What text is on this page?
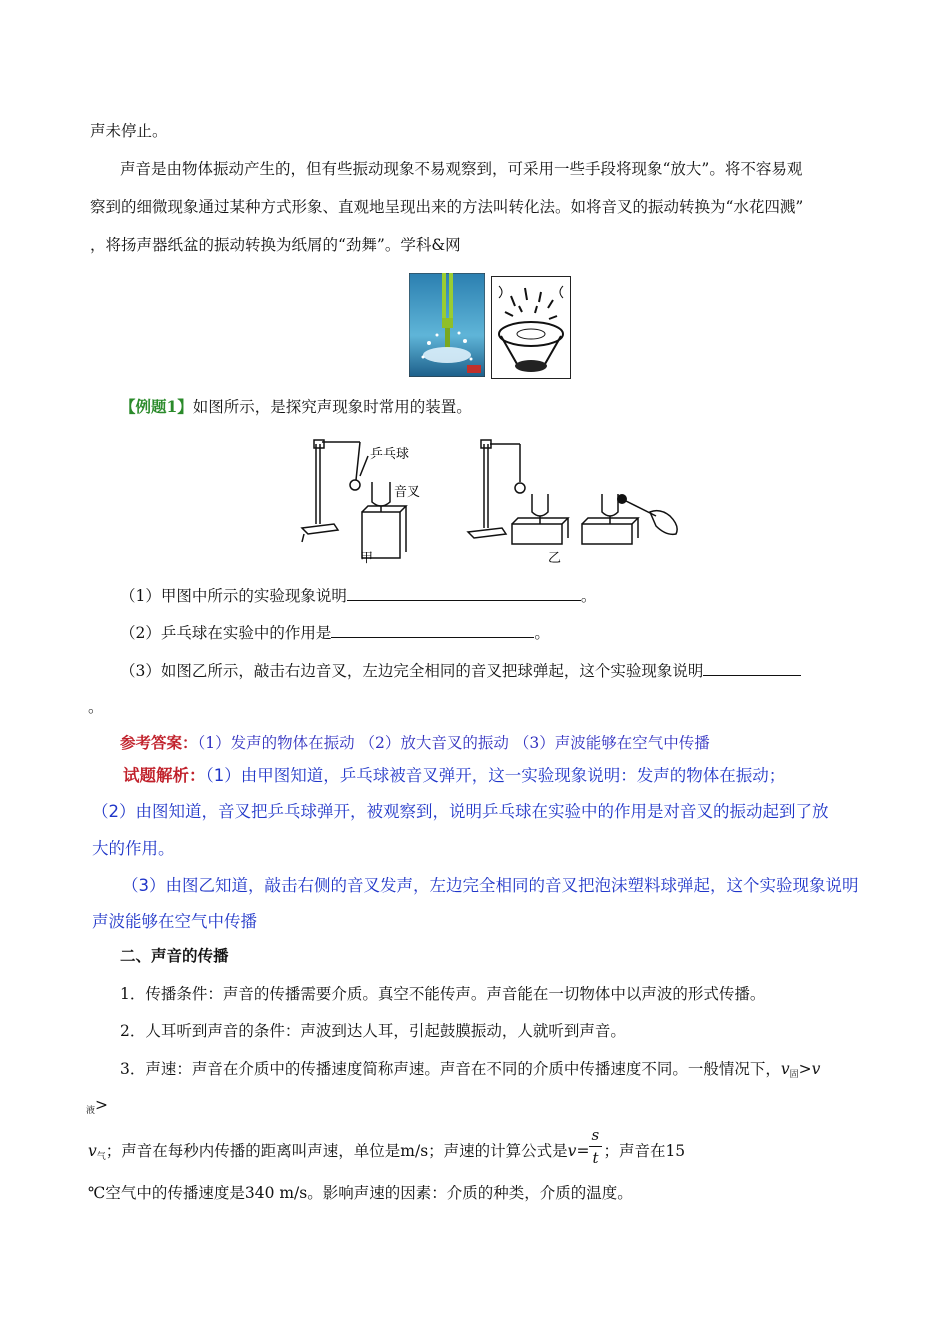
声未停止。
声音是由物体振动产生的，但有些振动现象不易观察到，可采用一些手段将现象“放大”。将不容易观
察到的细微现象通过某种方式形象、直观地呈现出来的方法叫转化法。如将音叉的振动转换为“水花四溅”
，将扬声器纸盆的振动转换为纸屑的“劲舞”。学科&网
【例题1】如图所示，是探究声现象时常用的装置。
乒乓球
音叉
甲	乙
（1）甲图中所示的实验现象说明	。
（2）乒乓球在实验中的作用是	。
（3）如图乙所示，敲击右边音叉，左边完全相同的音叉把球弹起，这个实验现象说明
。
参考答案：（1）发声的物体在振动 （2）放大音叉的振动 （3）声波能够在空气中传播
试题解析：（1）由甲图知道，乒乓球被音叉弹开，这一实验现象说明：发声的物体在振动；
（2）由图知道，音叉把乒乓球弹开，被观察到，说明乒乓球在实验中的作用是对音叉的振动起到了放
大的作用。
（3）由图乙知道，敲击右侧的音叉发声，左边完全相同的音叉把泡沫塑料球弹起，这个实验现象说明
声波能够在空气中传播
二、声音的传播
1．传播条件：声音的传播需要介质。真空不能传声。声音能在一切物体中以声波的形式传播。
2．人耳听到声音的条件：声波到达人耳，引起鼓膜振动，人就听到声音。
3．声速：声音在介质中的传播速度简称声速。声音在不同的介质中传播速度不同。一般情况下，$v_固>v$
$_液$>
$v_气$；声音在每秒内传播的距离叫声速，单位是m/s；声速的计算公式是$v= \frac{s}{t}$ ；声音在15
℃空气中的传播速度是340 m/s。影响声速的因素：介质的种类，介质的温度。
